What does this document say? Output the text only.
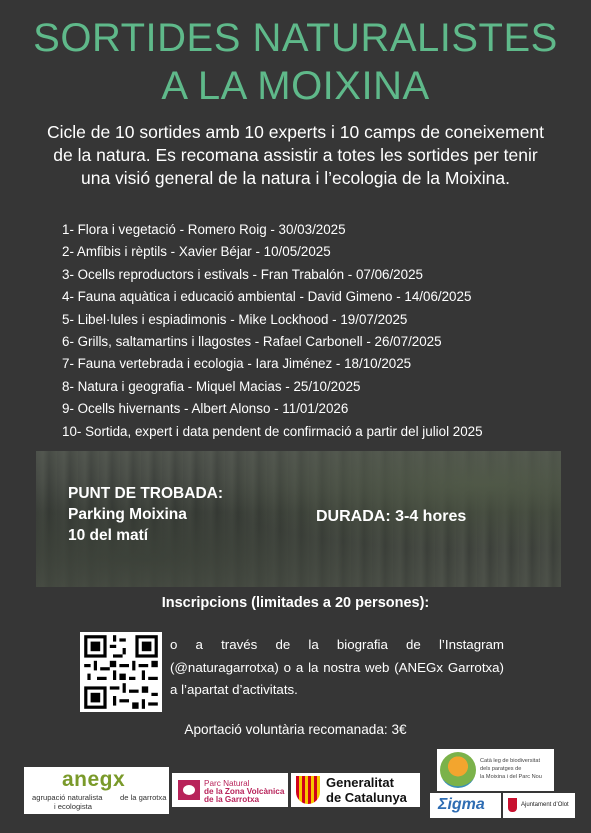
SORTIDES NATURALISTES
A LA MOIXINA

Cicle de 10 sortides amb 10 experts i 10 camps de coneixement
de la natura. Es recomana assistir a totes les sortides per tenir
una visió general de la natura i l’ecologia de la Moixina.

1- Flora i vegetació - Romero Roig - 30/03/2025
2- Amfibis i rèptils - Xavier Béjar - 10/05/2025
3- Ocells reproductors i estivals - Fran Trabalón - 07/06/2025
4- Fauna aquàtica i educació ambiental - David Gimeno - 14/06/2025
5- Libel·lules i espiadimonis - Mike Lockhood - 19/07/2025
6- Grills, saltamartins i llagostes - Rafael Carbonell - 26/07/2025
7- Fauna vertebrada i ecologia - Iara Jiménez - 18/10/2025
8- Natura i geografia - Miquel Macias - 25/10/2025
9- Ocells hivernants - Albert Alonso - 11/01/2026
10- Sortida, expert i data pendent de confirmació a partir del juliol 2025
PUNT DE TROBADA:
Parking Moixina
10 del matí
DURADA: 3-4 hores

Inscripcions (limitades a 20 persones):

o a través de la biografia de l’Instagram (@naturagarrotxa) o a la nostra web (ANEGx Garrotxa) a l’apartat d’activitats.

Aportació voluntària recomanada: 3€

anegx
agrupació naturalista de la garrotxa
i ecologista
Parc Natural
de la Zona Volcànica
de la Garrotxa
Generalitat
de Catalunya
Catà leg de biodiversitat
dels paratges de
la Moixina i del Parc Nou
Σigma	Ajuntament d’Olot
